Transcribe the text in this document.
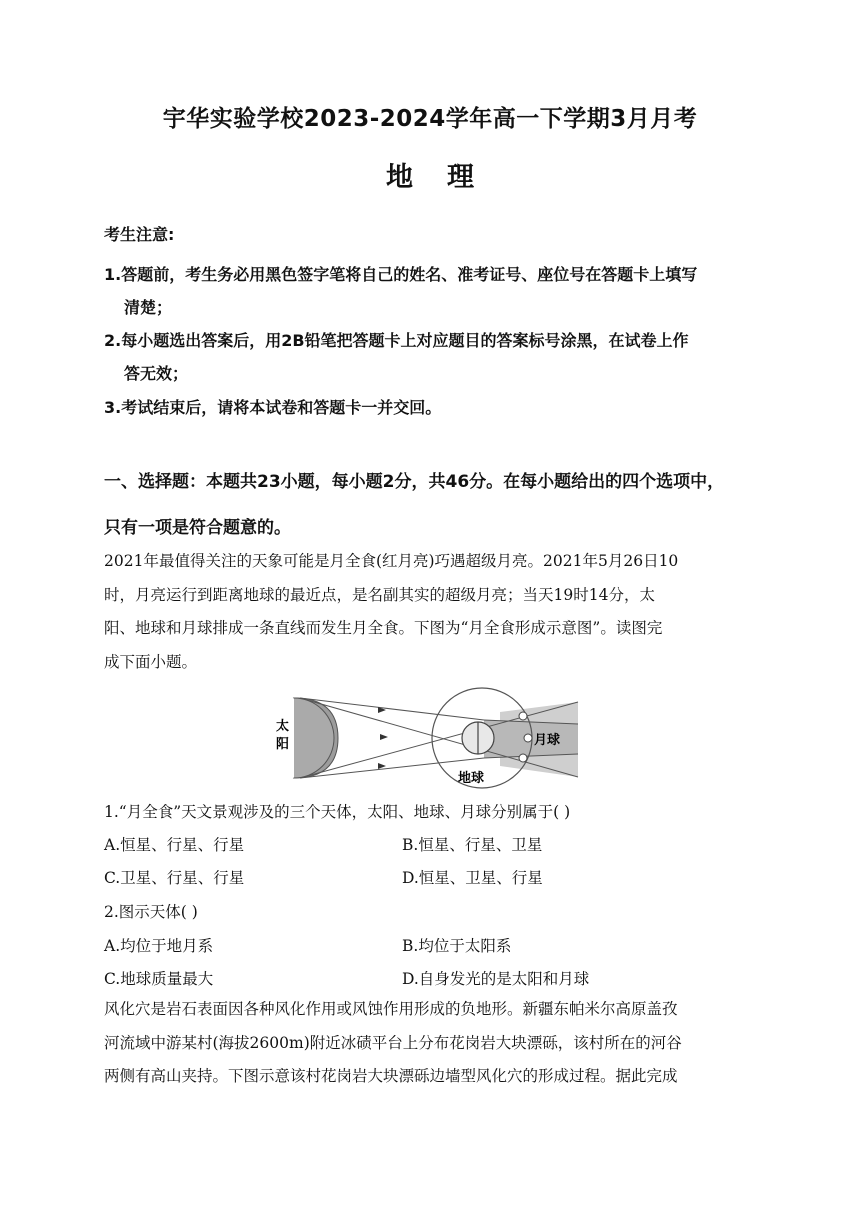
宇华实验学校2023-2024学年高一下学期3月月考
地理
考生注意:
1.答题前，考生务必用黑色签字笔将自己的姓名、准考证号、座位号在答题卡上填写
清楚；
2.每小题选出答案后，用2B铅笔把答题卡上对应题目的答案标号涂黑，在试卷上作
答无效；
3.考试结束后，请将本试卷和答题卡一并交回。
一、选择题：本题共23小题，每小题2分，共46分。在每小题给出的四个选项中，
只有一项是符合题意的。
2021年最值得关注的天象可能是月全食(红月亮)巧遇超级月亮。2021年5月26日10
时，月亮运行到距离地球的最近点，是名副其实的超级月亮；当天19时14分，太
阳、地球和月球排成一条直线而发生月全食。下图为“月全食形成示意图”。读图完
成下面小题。
太
阳
地球
月球
1.“月全食”天文景观涉及的三个天体，太阳、地球、月球分别属于( )
A.恒星、行星、行星	B.恒星、行星、卫星
C.卫星、行星、行星	D.恒星、卫星、行星
2.图示天体( )
A.均位于地月系	B.均位于太阳系
C.地球质量最大	D.自身发光的是太阳和月球
风化穴是岩石表面因各种风化作用或风蚀作用形成的负地形。新疆东帕米尔高原盖孜
河流域中游某村(海拔2600m)附近冰碛平台上分布花岗岩大块漂砾，该村所在的河谷
两侧有高山夹持。下图示意该村花岗岩大块漂砾边墙型风化穴的形成过程。据此完成
